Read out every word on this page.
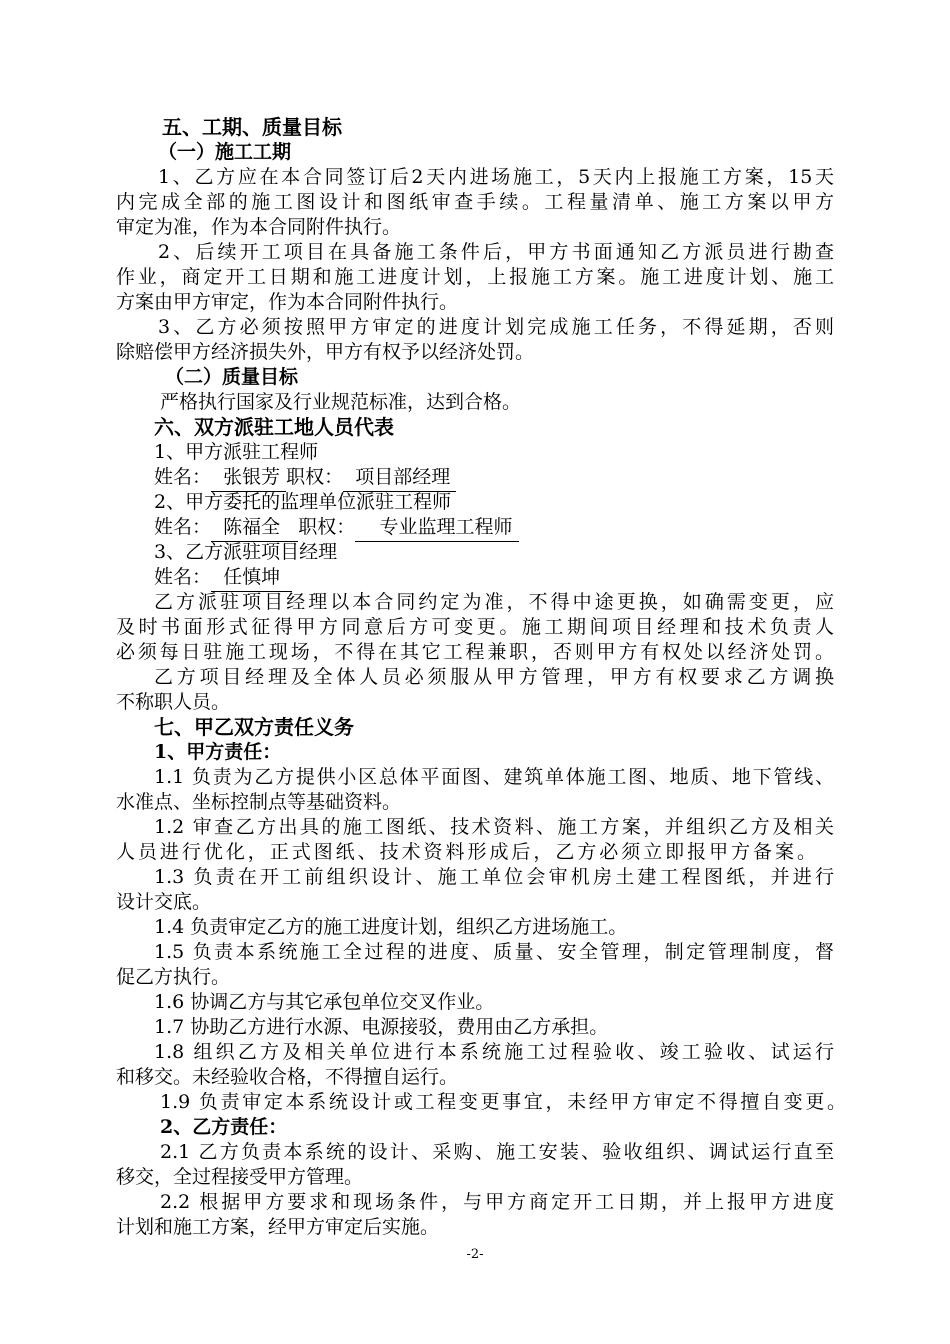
五、工期、质量目标
（一）施工工期
1、乙方应在本合同签订后2天内进场施工，5天内上报施工方案，15天
内完成全部的施工图设计和图纸审查手续。工程量清单、施工方案以甲方
审定为准，作为本合同附件执行。
2、后续开工项目在具备施工条件后，甲方书面通知乙方派员进行勘查
作业，商定开工日期和施工进度计划，上报施工方案。施工进度计划、施工
方案由甲方审定，作为本合同附件执行。
3、乙方必须按照甲方审定的进度计划完成施工任务，不得延期，否则
除赔偿甲方经济损失外，甲方有权予以经济处罚。
（二）质量目标
严格执行国家及行业规范标准，达到合格。
六、双方派驻工地人员代表
1、甲方派驻工程师
姓名： 张银芳 职权： 项目部经理
2、甲方委托的监理单位派驻工程师
姓名： 陈福全 职权： 专业监理工程师
3、乙方派驻项目经理
姓名： 任慎坤
乙方派驻项目经理以本合同约定为准，不得中途更换，如确需变更，应
及时书面形式征得甲方同意后方可变更。施工期间项目经理和技术负责人
必须每日驻施工现场，不得在其它工程兼职，否则甲方有权处以经济处罚。
乙方项目经理及全体人员必须服从甲方管理，甲方有权要求乙方调换
不称职人员。
七、甲乙双方责任义务
1、甲方责任：
1.1 负责为乙方提供小区总体平面图、建筑单体施工图、地质、地下管线、
水准点、坐标控制点等基础资料。
1.2 审查乙方出具的施工图纸、技术资料、施工方案，并组织乙方及相关
人员进行优化，正式图纸、技术资料形成后，乙方必须立即报甲方备案。
1.3 负责在开工前组织设计、施工单位会审机房土建工程图纸，并进行
设计交底。
1.4 负责审定乙方的施工进度计划，组织乙方进场施工。
1.5 负责本系统施工全过程的进度、质量、安全管理，制定管理制度，督
促乙方执行。
1.6 协调乙方与其它承包单位交叉作业。
1.7 协助乙方进行水源、电源接驳，费用由乙方承担。
1.8 组织乙方及相关单位进行本系统施工过程验收、竣工验收、试运行
和移交。未经验收合格，不得擅自运行。
1.9 负责审定本系统设计或工程变更事宜，未经甲方审定不得擅自变更。
2、乙方责任：
2.1 乙方负责本系统的设计、采购、施工安装、验收组织、调试运行直至
移交，全过程接受甲方管理。
2.2 根据甲方要求和现场条件，与甲方商定开工日期，并上报甲方进度
计划和施工方案，经甲方审定后实施。
-2-
